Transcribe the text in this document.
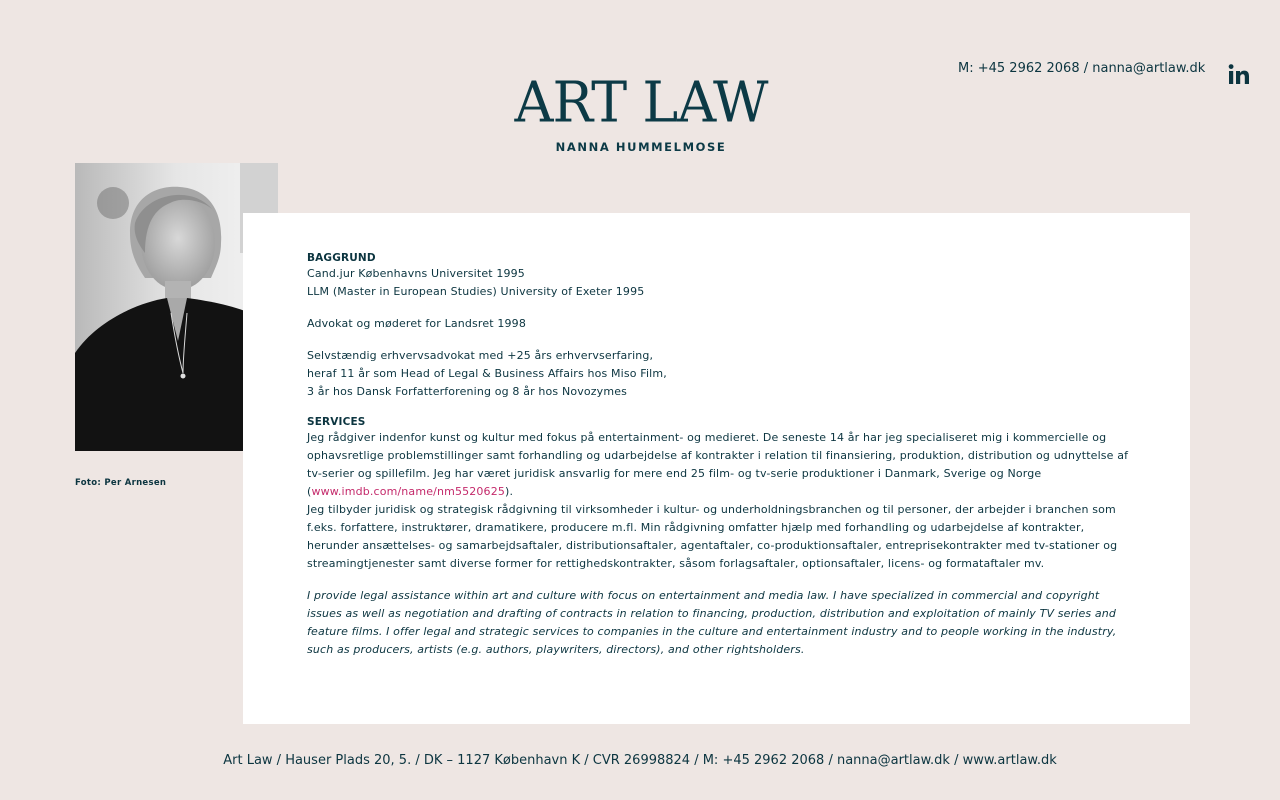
ART LAW
NANNA HUMMELMOSE
M: +45 2962 2068 / nanna@artlaw.dk
Foto: Per Arnesen
BAGGRUND
Cand.jur Københavns Universitet 1995
LLM (Master in European Studies) University of Exeter 1995
Advokat og møderet for Landsret 1998
Selvstændig erhvervsadvokat med +25 års erhvervserfaring,
heraf 11 år som Head of Legal & Business Affairs hos Miso Film,
3 år hos Dansk Forfatterforening og 8 år hos Novozymes
SERVICES

Jeg rådgiver indenfor kunst og kultur med fokus på entertainment- og medieret. De seneste 14 år har jeg specialiseret mig i kommercielle og ophavsretlige problemstillinger samt forhandling og udarbejdelse af kontrakter i relation til finansiering, produktion, distribution og udnyttelse af tv-serier og spillefilm. Jeg har været juridisk ansvarlig for mere end 25 film- og tv-serie produktioner i Danmark, Sverige og Norge (www.imdb.com/name/nm5520625).

Jeg tilbyder juridisk og strategisk rådgivning til virksomheder i kultur- og underholdningsbranchen og til personer, der arbejder i branchen som f.eks. forfattere, instruktører, dramatikere, producere m.fl. Min rådgivning omfatter hjælp med forhandling og udarbejdelse af kontrakter, herunder ansættelses- og samarbejdsaftaler, distributionsaftaler, agentaftaler, co-produktionsaftaler, entreprisekontrakter med tv-stationer og streamingtjenester samt diverse former for rettighedskontrakter, såsom forlagsaftaler, optionsaftaler, licens- og formataftaler mv.

I provide legal assistance within art and culture with focus on entertainment and media law. I have specialized in commercial and copyright issues as well as negotiation and drafting of contracts in relation to financing, production, distribution and exploitation of mainly TV series and feature films. I offer legal and strategic services to companies in the culture and entertainment industry and to people working in the industry, such as producers, artists (e.g. authors, playwriters, directors), and other rightsholders.

Art Law / Hauser Plads 20, 5. / DK – 1127 København K / CVR 26998824 / M: +45 2962 2068 / nanna@artlaw.dk / www.artlaw.dk
